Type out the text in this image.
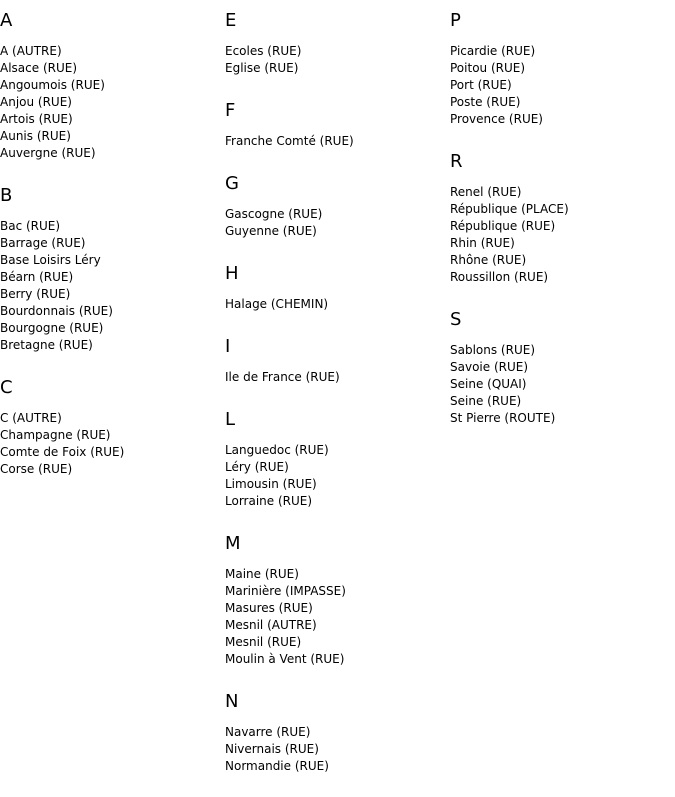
A
A (AUTRE)
Alsace (RUE)
Angoumois (RUE)
Anjou (RUE)
Artois (RUE)
Aunis (RUE)
Auvergne (RUE)
B
Bac (RUE)
Barrage (RUE)
Base Loisirs Léry
Béarn (RUE)
Berry (RUE)
Bourdonnais (RUE)
Bourgogne (RUE)
Bretagne (RUE)
C
C (AUTRE)
Champagne (RUE)
Comte de Foix (RUE)
Corse (RUE)
E
Ecoles (RUE)
Eglise (RUE)
F
Franche Comté (RUE)
G
Gascogne (RUE)
Guyenne (RUE)
H
Halage (CHEMIN)
I
Ile de France (RUE)
L
Languedoc (RUE)
Léry (RUE)
Limousin (RUE)
Lorraine (RUE)
M
Maine (RUE)
Marinière (IMPASSE)
Masures (RUE)
Mesnil (AUTRE)
Mesnil (RUE)
Moulin à Vent (RUE)
N
Navarre (RUE)
Nivernais (RUE)
Normandie (RUE)
P
Picardie (RUE)
Poitou (RUE)
Port (RUE)
Poste (RUE)
Provence (RUE)
R
Renel (RUE)
République (PLACE)
République (RUE)
Rhin (RUE)
Rhône (RUE)
Roussillon (RUE)
S
Sablons (RUE)
Savoie (RUE)
Seine (QUAI)
Seine (RUE)
St Pierre (ROUTE)
